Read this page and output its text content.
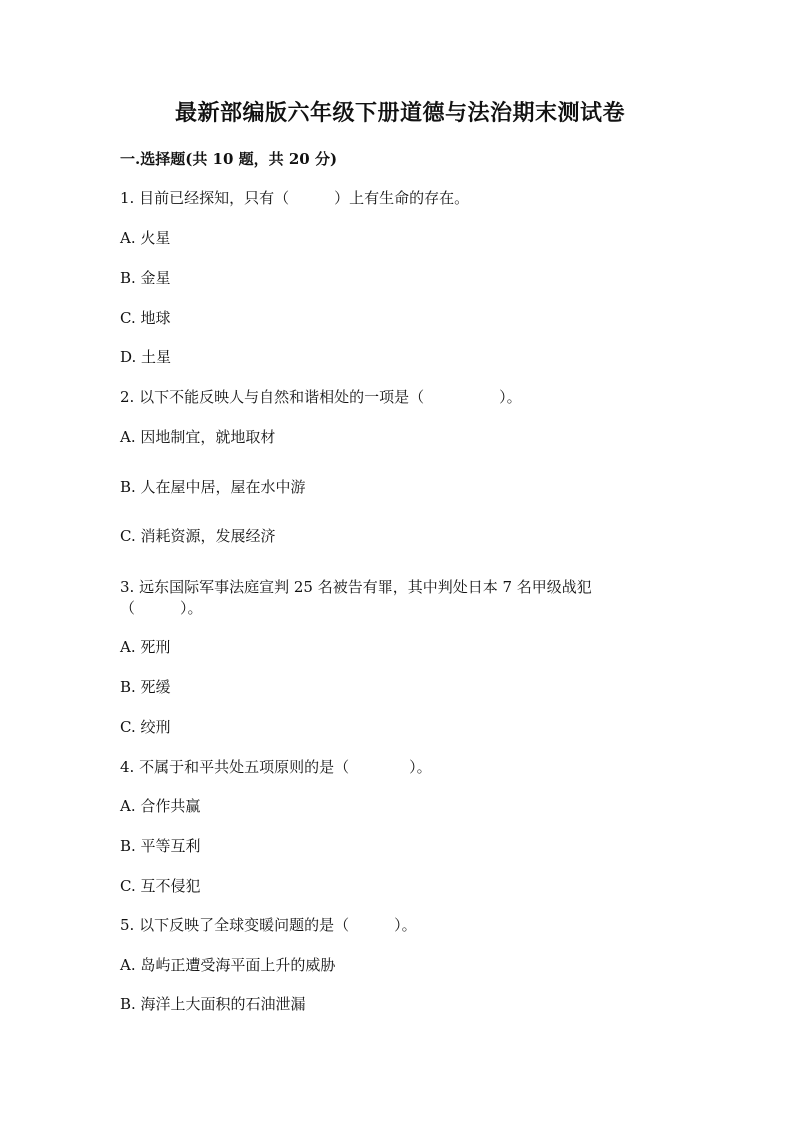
最新部编版六年级下册道德与法治期末测试卷
一.选择题(共 10 题，共 20 分)
1. 目前已经探知，只有（　　　）上有生命的存在。
A. 火星
B. 金星
C. 地球
D. 土星
2. 以下不能反映人与自然和谐相处的一项是（　　　　　）。
A. 因地制宜，就地取材
B. 人在屋中居，屋在水中游
C. 消耗资源，发展经济
3. 远东国际军事法庭宣判 25 名被告有罪，其中判处日本 7 名甲级战犯
（　　　）。
A. 死刑
B. 死缓
C. 绞刑
4. 不属于和平共处五项原则的是（　　　　）。
A. 合作共赢
B. 平等互利
C. 互不侵犯
5. 以下反映了全球变暖问题的是（　　　）。
A. 岛屿正遭受海平面上升的威胁
B. 海洋上大面积的石油泄漏
